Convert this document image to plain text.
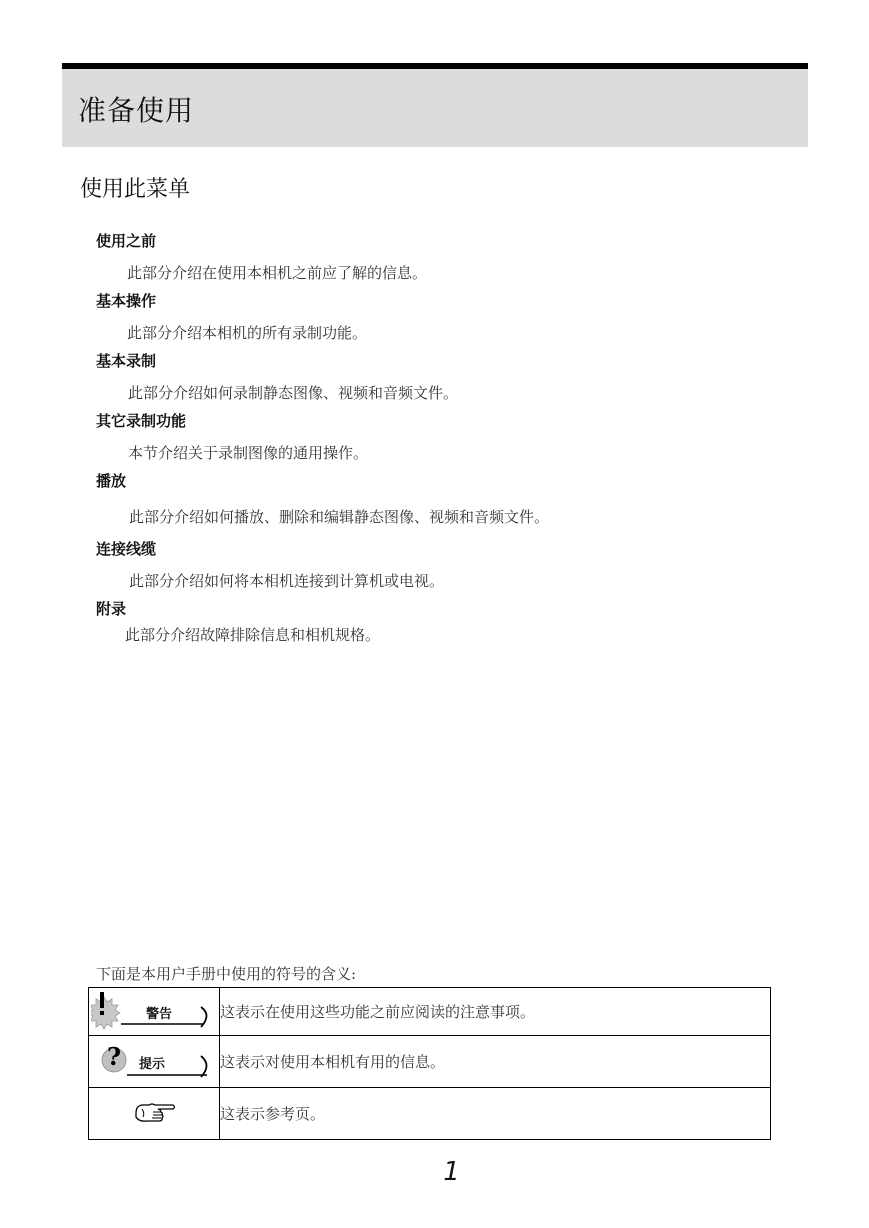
准备使用
使用此菜单
使用之前
此部分介绍在使用本相机之前应了解的信息。
基本操作
此部分介绍本相机的所有录制功能。
基本录制
此部分介绍如何录制静态图像、视频和音频文件。
其它录制功能
本节介绍关于录制图像的通用操作。
播放
此部分介绍如何播放、删除和编辑静态图像、视频和音频文件。
连接线缆
此部分介绍如何将本相机连接到计算机或电视。
附录
此部分介绍故障排除信息和相机规格。
下面是本用户手册中使用的符号的含义:
警告	这表示在使用这些功能之前应阅读的注意事项。

? 提示	这表示对使用本相机有用的信息。

	这表示参考页。
1
